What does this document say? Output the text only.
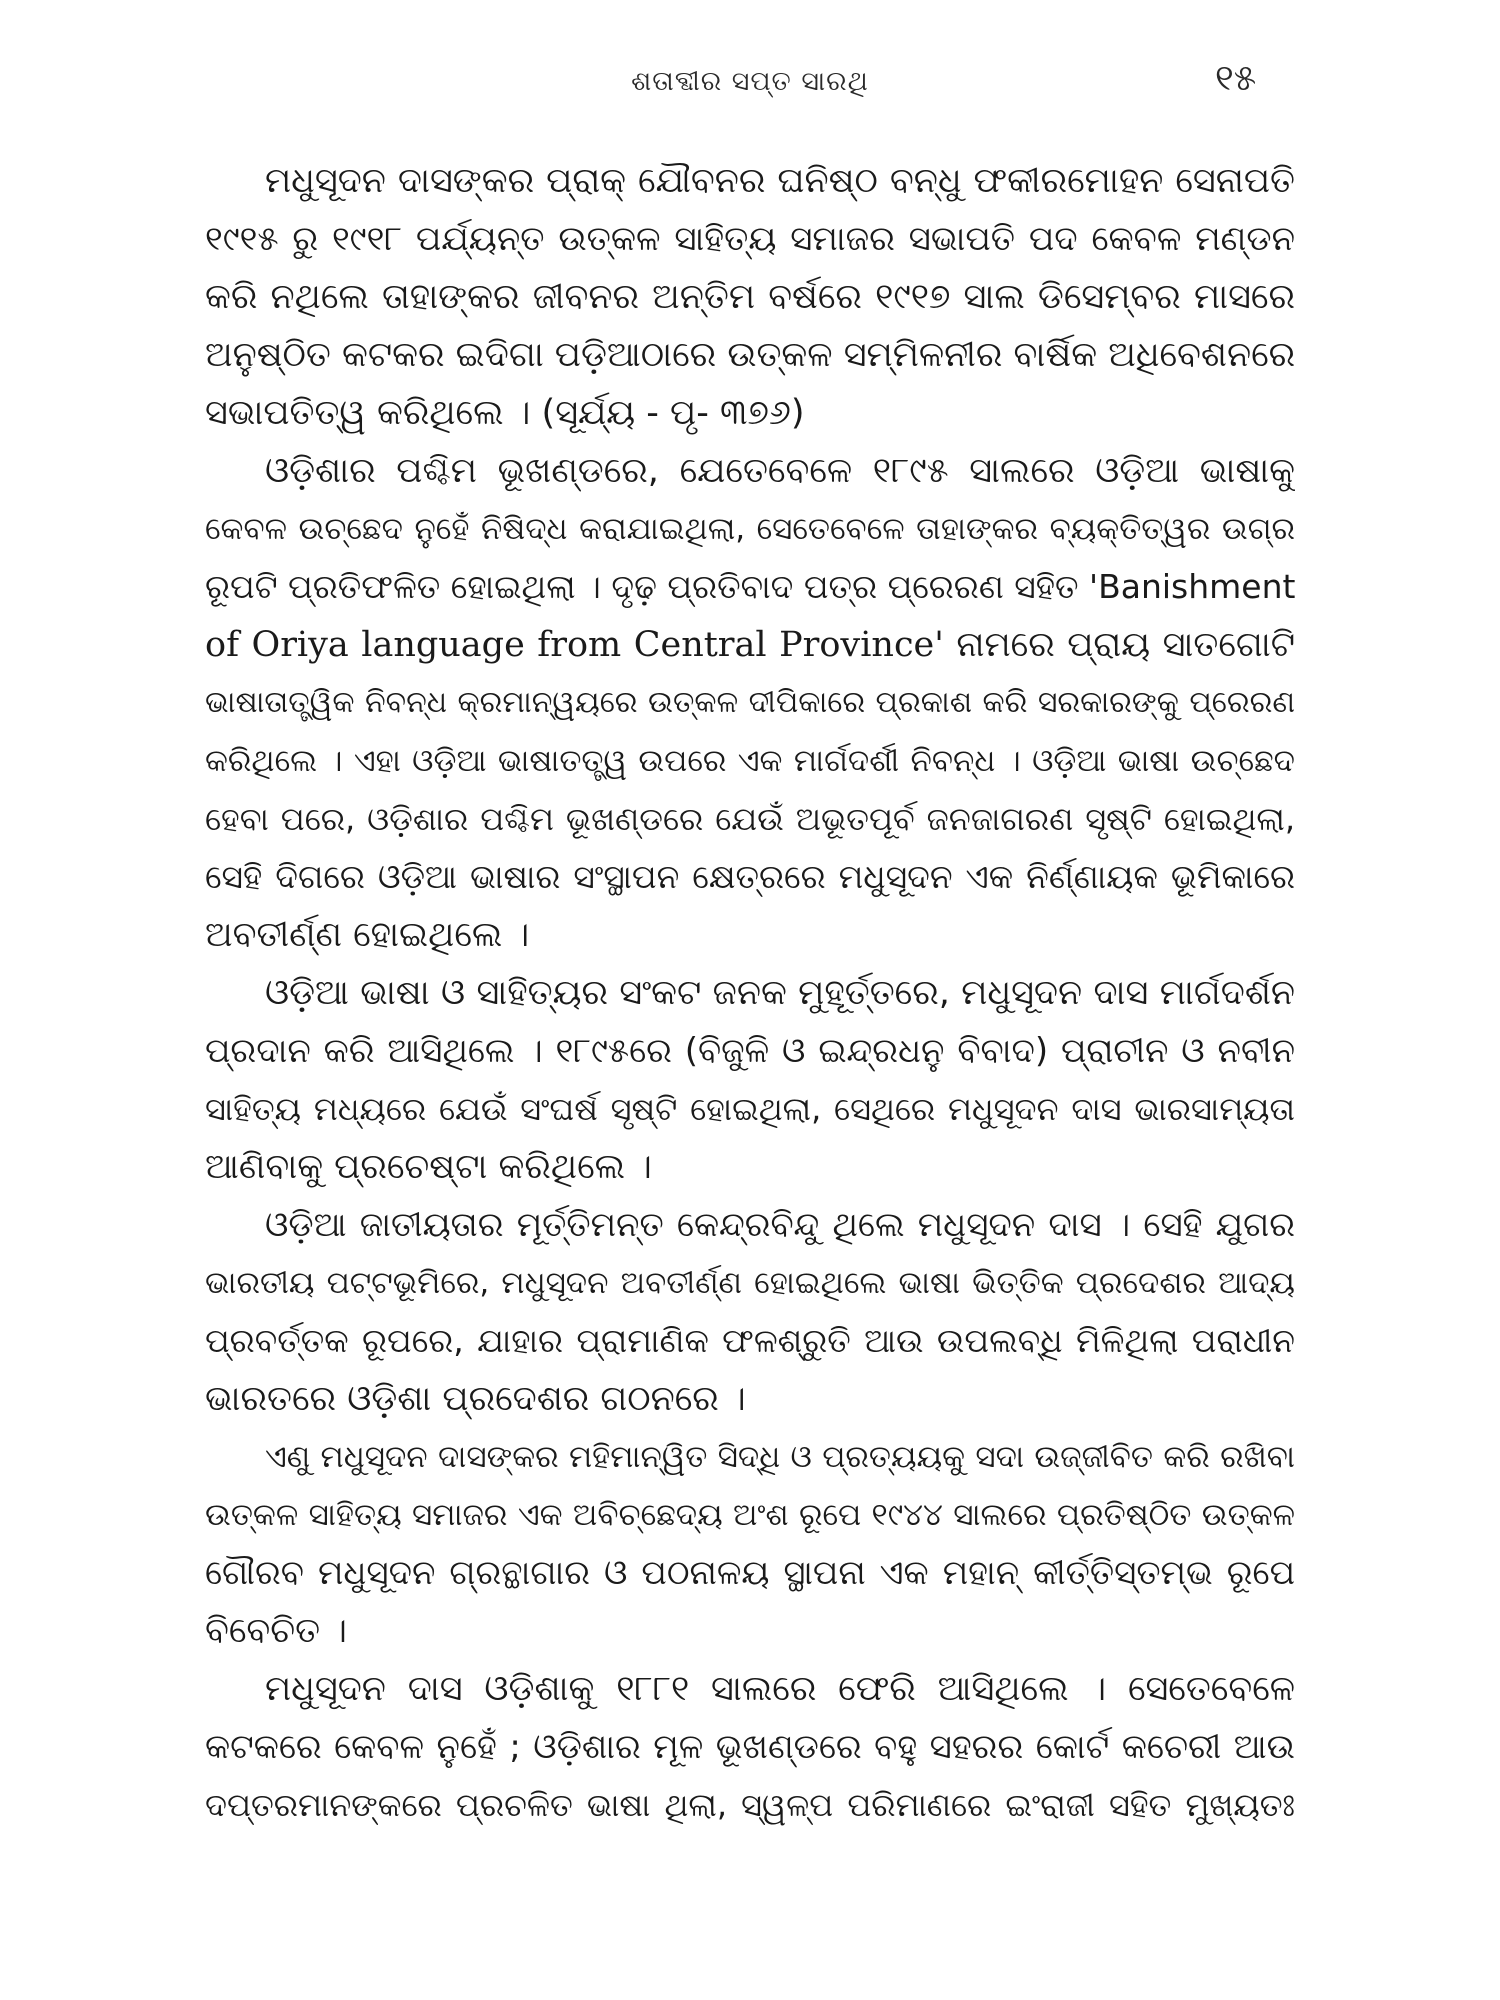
ଶତାବ୍ଦୀର ସପ୍ତ ସାରଥି	୧୫
ମଧୁସୂଦନ ଦାସଙ୍କର ପ୍ରାକ୍ ଯୌବନର ଘନିଷ୍ଠ ବନ୍ଧୁ ଫକୀରମୋହନ ସେନାପତି
୧୯୧୫ ରୁ ୧୯୧୮ ପର୍ଯ୍ୟନ୍ତ ଉତ୍କଳ ସାହିତ୍ୟ ସମାଜର ସଭାପତି ପଦ କେବଳ ମଣ୍ଡନ
କରି ନଥିଲେ ତାହାଙ୍କର ଜୀବନର ଅନ୍ତିମ ବର୍ଷରେ ୧୯୧୭ ସାଲ ଡିସେମ୍ବର ମାସରେ
ଅନୁଷ୍ଠିତ କଟକର ଇଦିଗା ପଡ଼ିଆଠାରେ ଉତ୍କଳ ସମ୍ମିଳନୀର ବାର୍ଷିକ ଅଧିବେଶନରେ
ସଭାପତିତ୍ୱ କରିଥିଲେ । (ସୂର୍ଯ୍ୟ - ପୃ- ୩୭୬)
ଓଡ଼ିଶାର ପଶ୍ଚିମ ଭୂଖଣ୍ଡରେ, ଯେତେବେଳେ ୧୮୯୫ ସାଲରେ ଓଡ଼ିଆ ଭାଷାକୁ
କେବଳ ଉଚ୍ଛେଦ ନୁହେଁ ନିଷିଦ୍ଧ କରାଯାଇଥିଲା, ସେତେବେଳେ ତାହାଙ୍କର ବ୍ୟକ୍ତିତ୍ୱର ଉଗ୍ର
ରୂପଟି ପ୍ରତିଫଳିତ ହୋଇଥିଲା । ଦୃଢ଼ ପ୍ରତିବାଦ ପତ୍ର ପ୍ରେରଣ ସହିତ 'Banishment
of Oriya language from Central Province' ନାମରେ ପ୍ରାୟ ସାତଗୋଟି
ଭାଷାତାତ୍ତ୍ୱିକ ନିବନ୍ଧ କ୍ରମାନ୍ୱୟରେ ଉତ୍କଳ ଦୀପିକାରେ ପ୍ରକାଶ କରି ସରକାରଙ୍କୁ ପ୍ରେରଣ
କରିଥିଲେ । ଏହା ଓଡ଼ିଆ ଭାଷାତତ୍ତ୍ୱ ଉପରେ ଏକ ମାର୍ଗଦର୍ଶୀ ନିବନ୍ଧ । ଓଡ଼ିଆ ଭାଷା ଉଚ୍ଛେଦ
ହେବା ପରେ, ଓଡ଼ିଶାର ପଶ୍ଚିମ ଭୂଖଣ୍ଡରେ ଯେଉଁ ଅଭୂତପୂର୍ବ ଜନଜାଗରଣ ସୃଷ୍ଟି ହୋଇଥିଲା,
ସେହି ଦିଗରେ ଓଡ଼ିଆ ଭାଷାର ସଂସ୍ଥାପନ କ୍ଷେତ୍ରରେ ମଧୁସୂଦନ ଏକ ନିର୍ଣ୍ଣାୟକ ଭୂମିକାରେ
ଅବତୀର୍ଣ୍ଣ ହୋଇଥିଲେ ।
ଓଡ଼ିଆ ଭାଷା ଓ ସାହିତ୍ୟର ସଂକଟ ଜନକ ମୁହୂର୍ତ୍ତରେ, ମଧୁସୂଦନ ଦାସ ମାର୍ଗଦର୍ଶନ
ପ୍ରଦାନ କରି ଆସିଥିଲେ । ୧୮୯୫ରେ (ବିଜୁଳି ଓ ଇନ୍ଦ୍ରଧନୁ ବିବାଦ) ପ୍ରାଚୀନ ଓ ନବୀନ
ସାହିତ୍ୟ ମଧ୍ୟରେ ଯେଉଁ ସଂଘର୍ଷ ସୃଷ୍ଟି ହୋଇଥିଲା, ସେଥିରେ ମଧୁସୂଦନ ଦାସ ଭାରସାମ୍ୟତା
ଆଣିବାକୁ ପ୍ରଚେଷ୍ଟା କରିଥିଲେ ।
ଓଡ଼ିଆ ଜାତୀୟତାର ମୂର୍ତ୍ତିମନ୍ତ କେନ୍ଦ୍ରବିନ୍ଦୁ ଥିଲେ ମଧୁସୂଦନ ଦାସ । ସେହି ଯୁଗର
ଭାରତୀୟ ପଟ୍ଟଭୂମିରେ, ମଧୁସୂଦନ ଅବତୀର୍ଣ୍ଣ ହୋଇଥିଲେ ଭାଷା ଭିତ୍ତିକ ପ୍ରଦେଶର ଆଦ୍ୟ
ପ୍ରବର୍ତ୍ତକ ରୂପରେ, ଯାହାର ପ୍ରାମାଣିକ ଫଳଶ୍ରୁତି ଆଉ ଉପଲବ୍ଧି ମିଳିଥିଲା ପରାଧୀନ
ଭାରତରେ ଓଡ଼ିଶା ପ୍ରଦେଶର ଗଠନରେ ।
ଏଣୁ ମଧୁସୂଦନ ଦାସଙ୍କର ମହିମାନ୍ୱିତ ସିଦ୍ଧି ଓ ପ୍ରତ୍ୟୟକୁ ସଦା ଉଜ୍ଜୀବିତ କରି ରଖିବା
ଉତ୍କଳ ସାହିତ୍ୟ ସମାଜର ଏକ ଅବିଚ୍ଛେଦ୍ୟ ଅଂଶ ରୂପେ ୧୯୪୪ ସାଲରେ ପ୍ରତିଷ୍ଠିତ ଉତ୍କଳ
ଗୌରବ ମଧୁସୂଦନ ଗ୍ରନ୍ଥାଗାର ଓ ପଠନାଳୟ ସ୍ଥାପନା ଏକ ମହାନ୍ କୀର୍ତ୍ତିସ୍ତମ୍ଭ ରୂପେ
ବିବେଚିତ ।
ମଧୁସୂଦନ ଦାସ ଓଡ଼ିଶାକୁ ୧୮୮୧ ସାଲରେ ଫେରି ଆସିଥିଲେ । ସେତେବେଳେ
କଟକରେ କେବଳ ନୁହେଁ ; ଓଡ଼ିଶାର ମୂଳ ଭୂଖଣ୍ଡରେ ବହୁ ସହରର କୋର୍ଟ କଚେରୀ ଆଉ
ଦପ୍ତରମାନଙ୍କରେ ପ୍ରଚଳିତ ଭାଷା ଥିଲା, ସ୍ୱଳ୍ପ ପରିମାଣରେ ଇଂରାଜୀ ସହିତ ମୁଖ୍ୟତଃ
